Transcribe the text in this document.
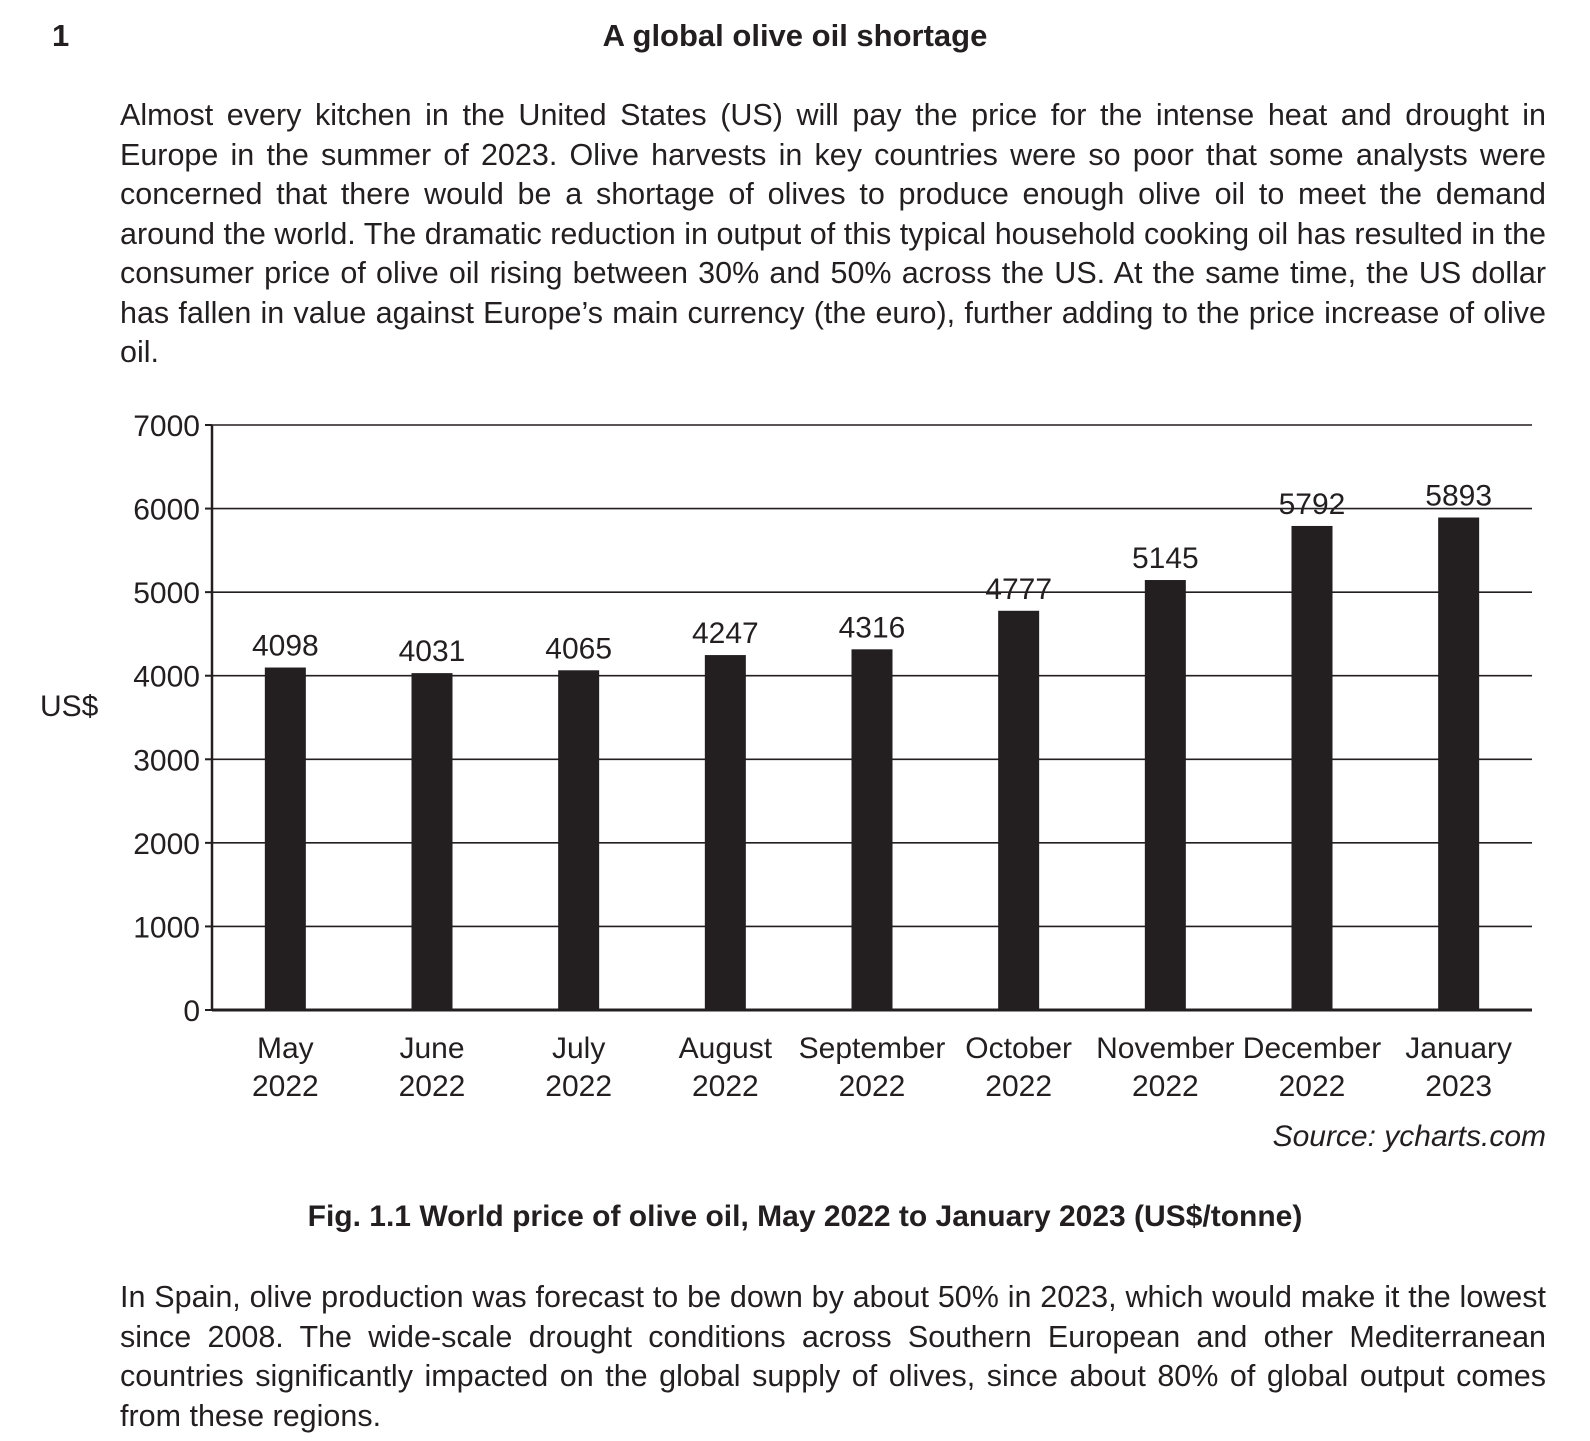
1	A global olive oil shortage

Almost every kitchen in the United States (US) will pay the price for the intense heat and drought in Europe in the summer of 2023. Olive harvests in key countries were so poor that some analysts were concerned that there would be a shortage of olives to produce enough olive oil to meet the demand around the world. The dramatic reduction in output of this typical household cooking oil has resulted in the consumer price of olive oil rising between 30% and 50% across the US. At the same time, the US dollar has fallen in value against Europe’s main currency (the euro), further adding to the price increase of olive oil.

0
1000
2000
3000
4000
5000
6000
7000
US$
4098
May
2022
4031
June
2022
4065
July
2022
4247
August
2022
4316
September
2022
4777
October
2022
5145
November
2022
5792
December
2022
5893
January
2023
Source: ycharts.com
Fig. 1.1 World price of olive oil, May 2022 to January 2023 (US$/tonne)

In Spain, olive production was forecast to be down by about 50% in 2023, which would make it the lowest since 2008. The wide-scale drought conditions across Southern European and other Mediterranean countries significantly impacted on the global supply of olives, since about 80% of global output comes from these regions.
